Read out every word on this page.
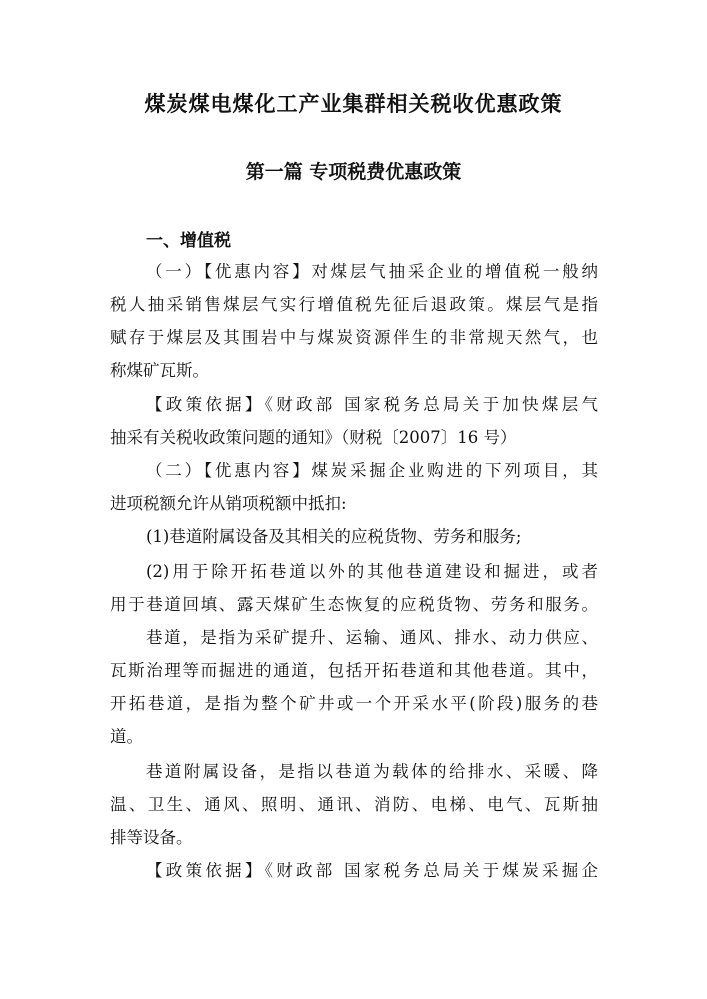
煤炭煤电煤化工产业集群相关税收优惠政策
第一篇 专项税费优惠政策
一、增值税
（一）【优惠内容】对煤层气抽采企业的增值税一般纳
税人抽采销售煤层气实行增值税先征后退政策。煤层气是指
赋存于煤层及其围岩中与煤炭资源伴生的非常规天然气，也
称煤矿瓦斯。
【政策依据】《财政部 国家税务总局关于加快煤层气
抽采有关税收政策问题的通知》（财税〔2007〕16 号）
（二）【优惠内容】煤炭采掘企业购进的下列项目，其
进项税额允许从销项税额中抵扣:
(1)巷道附属设备及其相关的应税货物、劳务和服务;
(2)用于除开拓巷道以外的其他巷道建设和掘进，或者
用于巷道回填、露天煤矿生态恢复的应税货物、劳务和服务。
巷道，是指为采矿提升、运输、通风、排水、动力供应、
瓦斯治理等而掘进的通道，包括开拓巷道和其他巷道。其中，
开拓巷道，是指为整个矿井或一个开采水平(阶段)服务的巷
道。
巷道附属设备，是指以巷道为载体的给排水、采暖、降
温、卫生、通风、照明、通讯、消防、电梯、电气、瓦斯抽
排等设备。
【政策依据】《财政部 国家税务总局关于煤炭采掘企
